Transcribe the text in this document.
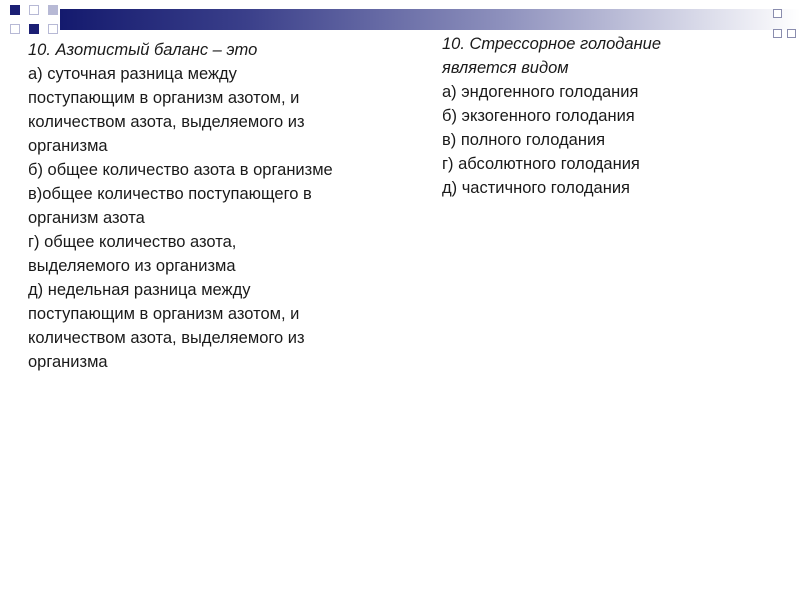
10. Азотистый баланс – это
а) суточная разница между
поступающим в организм азотом, и
количеством азота, выделяемого из
организма
б) общее количество азота в организме
в)общее количество поступающего в
организм азота
г) общее количество азота,
выделяемого из организма
д) недельная разница между
поступающим в организм азотом, и
количеством азота, выделяемого из
организма
10. Стрессорное голодание
является видом
а) эндогенного голодания
б) экзогенного голодания
в) полного голодания
г) абсолютного голодания
д) частичного голодания
